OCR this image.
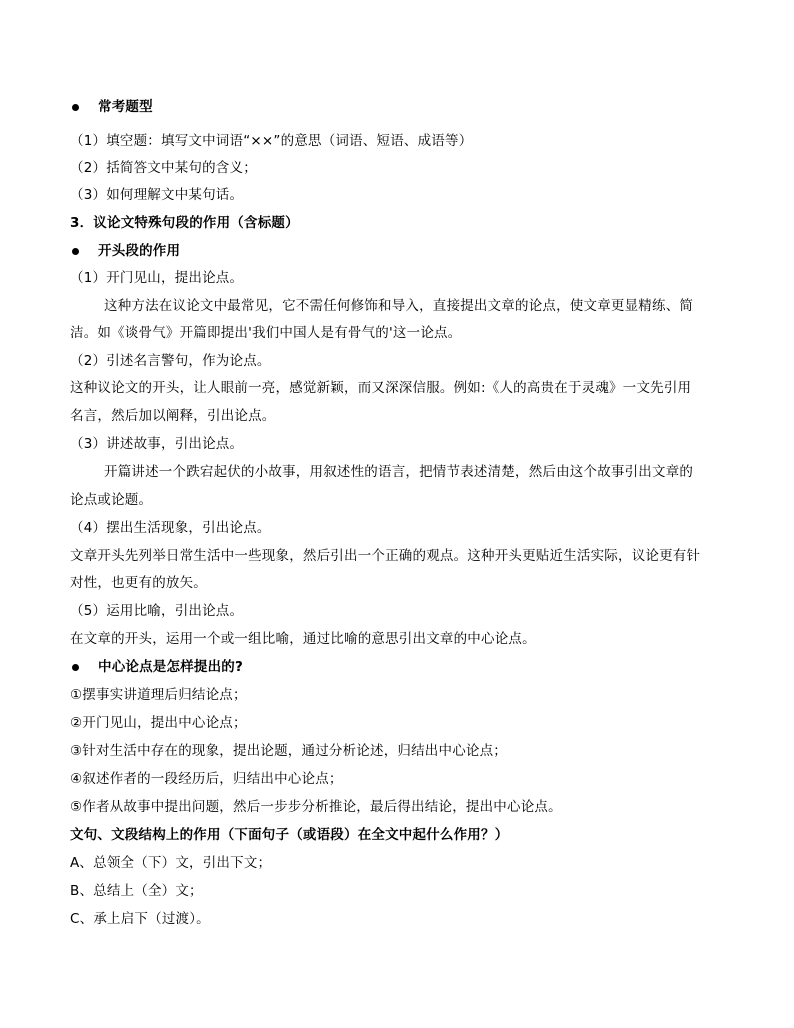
常考题型
（1）填空题：填写文中词语“××”的意思（词语、短语、成语等）
（2）括简答文中某句的含义；
（3）如何理解文中某句话。
3．议论文特殊句段的作用（含标题）
开头段的作用
（1）开门见山，提出论点。
这种方法在议论文中最常见，它不需任何修饰和导入，直接提出文章的论点，使文章更显精练、简
洁。如《谈骨气》开篇即提出'我们中国人是有骨气的'这一论点。
（2）引述名言警句，作为论点。
这种议论文的开头，让人眼前一亮，感觉新颖，而又深深信服。例如:《人的高贵在于灵魂》一文先引用
名言，然后加以阐释，引出论点。
（3）讲述故事，引出论点。
开篇讲述一个跌宕起伏的小故事，用叙述性的语言，把情节表述清楚，然后由这个故事引出文章的
论点或论题。
（4）摆出生活现象，引出论点。
文章开头先列举日常生活中一些现象，然后引出一个正确的观点。这种开头更贴近生活实际，议论更有针
对性，也更有的放矢。
（5）运用比喻，引出论点。
在文章的开头，运用一个或一组比喻，通过比喻的意思引出文章的中心论点。
中心论点是怎样提出的?
①摆事实讲道理后归结论点；
②开门见山，提出中心论点；
③针对生活中存在的现象，提出论题，通过分析论述，归结出中心论点；
④叙述作者的一段经历后，归结出中心论点；
⑤作者从故事中提出问题，然后一步步分析推论，最后得出结论，提出中心论点。
文句、文段结构上的作用（下面句子（或语段）在全文中起什么作用？）
A、总领全（下）文，引出下文；
B、总结上（全）文；
C、承上启下（过渡）。
